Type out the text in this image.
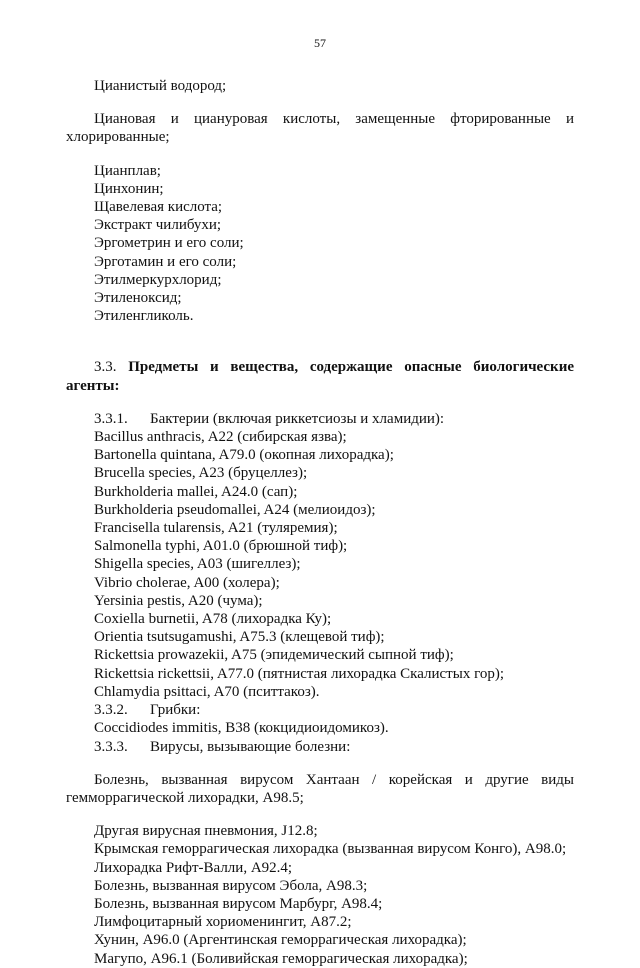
57

Цианистый водород;

Циановая и циануровая кислоты, замещенные фторированные и хлорированные;

Цианплав;

Цинхонин;

Щавелевая кислота;

Экстракт чилибухи;

Эргометрин и его соли;

Эрготамин и его соли;

Этилмеркурхлорид;

Этиленоксид;

Этиленгликоль.

3.3. Предметы и вещества, содержащие опасные биологические агенты:

3.3.1. Бактерии (включая риккетсиозы и хламидии):

Bacillus anthracis, A22 (сибирская язва);

Bartonella quintana, A79.0 (окопная лихорадка);

Brucella species, A23 (бруцеллез);

Burkholderia mallei, A24.0 (сап);

Burkholderia pseudomallei, A24 (мелиоидоз);

Francisella tularensis, A21 (туляремия);

Salmonella typhi, A01.0 (брюшной тиф);

Shigella species, A03 (шигеллез);

Vibrio cholerae, A00 (холера);

Yersinia pestis, A20 (чума);

Coxiella burnetii, A78 (лихорадка Ку);

Orientia tsutsugamushi, A75.3 (клещевой тиф);

Rickettsia prowazekii, A75 (эпидемический сыпной тиф);

Rickettsia rickettsii, A77.0 (пятнистая лихорадка Скалистых гор);

Chlamydia psittaci, A70 (пситтакоз).

3.3.2. Грибки:

Coccidiodes immitis, B38 (кокцидиоидомикоз).

3.3.3. Вирусы, вызывающие болезни:

Болезнь, вызванная вирусом Хантаан / корейская и другие виды гемморрагической лихорадки, A98.5;

Другая вирусная пневмония, J12.8;

Крымская геморрагическая лихорадка (вызванная вирусом Конго), A98.0;

Лихорадка Рифт-Валли, A92.4;

Болезнь, вызванная вирусом Эбола, A98.3;

Болезнь, вызванная вирусом Марбург, A98.4;

Лимфоцитарный хориоменингит, A87.2;

Хунин, A96.0 (Аргентинская геморрагическая лихорадка);

Магупо, A96.1 (Боливийская геморрагическая лихорадка);
